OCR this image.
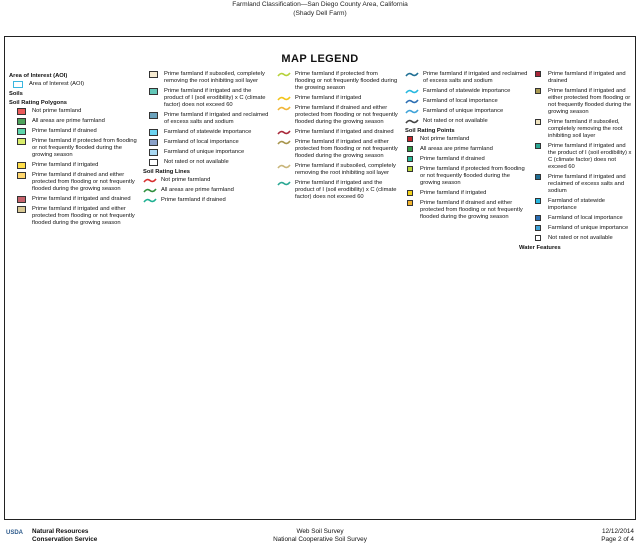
Farmland Classification—San Diego County Area, California
(Shady Dell Farm)
MAP LEGEND
Area of Interest (AOI)
Area of Interest (AOI)
Soils
Soil Rating Polygons
Not prime farmland
All areas are prime farmland
Prime farmland if drained
Prime farmland if protected from flooding or not frequently flooded during the growing season
Prime farmland if irrigated
Prime farmland if drained and either protected from flooding or not frequently flooded during the growing season
Prime farmland if irrigated and drained
Prime farmland if irrigated and either protected from flooding or not frequently flooded during the growing season
Prime farmland if subsoiled, completely removing the root inhibiting soil layer
Prime farmland if irrigated and the product of I (soil erodibility) x C (climate factor) does not exceed 60
Prime farmland if irrigated and reclaimed of excess salts and sodium
Farmland of statewide importance
Farmland of local importance
Farmland of unique importance
Not rated or not available
Soil Rating Lines
Not prime farmland
All areas are prime farmland
Prime farmland if drained
Prime farmland if protected from flooding or not frequently flooded during the growing season
Prime farmland if irrigated
Prime farmland if drained and either protected from flooding or not frequently flooded during the growing season
Prime farmland if irrigated and drained
Prime farmland if irrigated and either protected from flooding or not frequently flooded during the growing season
Prime farmland if subsoiled, completely removing the root inhibiting soil layer
Prime farmland if irrigated and the product of I (soil erodibility) x C (climate factor) does not exceed 60
Prime farmland if irrigated and reclaimed of excess salts and sodium
Farmland of statewide importance
Farmland of local importance
Farmland of unique importance
Not rated or not available
Soil Rating Points
Not prime farmland
All areas are prime farmland
Prime farmland if drained
Prime farmland if protected from flooding or not frequently flooded during the growing season
Prime farmland if irrigated
Prime farmland if drained and either protected from flooding or not frequently flooded during the growing season
Prime farmland if irrigated and drained
Prime farmland if irrigated and either protected from flooding or not frequently flooded during the growing season
Prime farmland if subsoiled, completely removing the root inhibiting soil layer
Prime farmland if irrigated and the product of I (soil erodibility) x C (climate factor) does not exceed 60
Prime farmland if irrigated and reclaimed of excess salts and sodium
Farmland of statewide importance
Farmland of local importance
Farmland of unique importance
Not rated or not available
Water Features
USDA Natural Resources
Conservation Service
Web Soil Survey
National Cooperative Soil Survey
12/12/2014
Page 2 of 4
